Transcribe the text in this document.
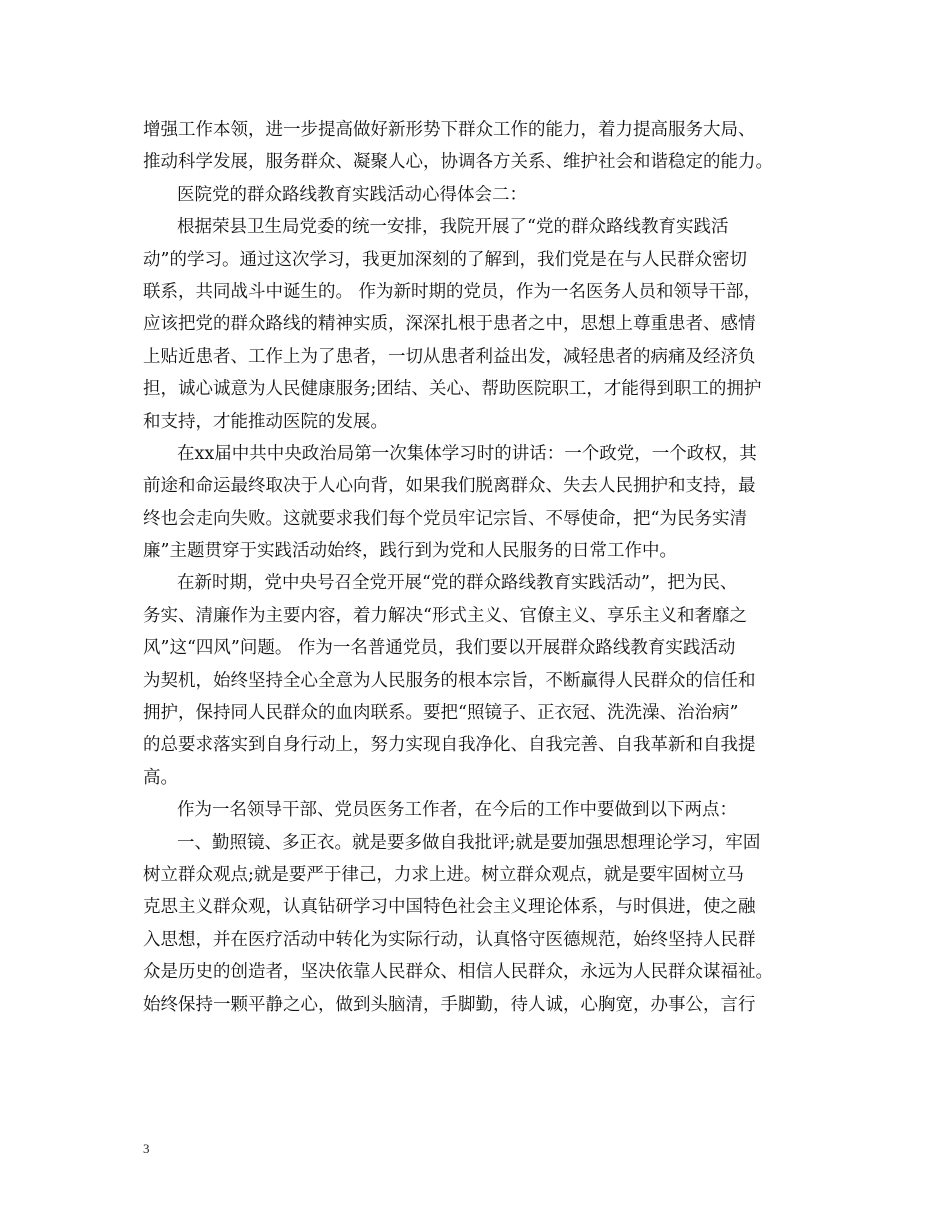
增强工作本领，进一步提高做好新形势下群众工作的能力，着力提高服务大局、
推动科学发展，服务群众、凝聚人心，协调各方关系、维护社会和谐稳定的能力。
医院党的群众路线教育实践活动心得体会二：
根据荣县卫生局党委的统一安排，我院开展了“党的群众路线教育实践活
动”的学习。通过这次学习，我更加深刻的了解到，我们党是在与人民群众密切
联系，共同战斗中诞生的。 作为新时期的党员，作为一名医务人员和领导干部，
应该把党的群众路线的精神实质，深深扎根于患者之中，思想上尊重患者、感情
上贴近患者、工作上为了患者，一切从患者利益出发，减轻患者的病痛及经济负
担，诚心诚意为人民健康服务;团结、关心、帮助医院职工，才能得到职工的拥护
和支持，才能推动医院的发展。
在xx届中共中央政治局第一次集体学习时的讲话：一个政党，一个政权，其
前途和命运最终取决于人心向背，如果我们脱离群众、失去人民拥护和支持，最
终也会走向失败。这就要求我们每个党员牢记宗旨、不辱使命，把“为民务实清
廉”主题贯穿于实践活动始终，践行到为党和人民服务的日常工作中。
在新时期，党中央号召全党开展“党的群众路线教育实践活动”，把为民、
务实、清廉作为主要内容，着力解决“形式主义、官僚主义、享乐主义和奢靡之
风”这“四风”问题。 作为一名普通党员，我们要以开展群众路线教育实践活动
为契机，始终坚持全心全意为人民服务的根本宗旨，不断赢得人民群众的信任和
拥护，保持同人民群众的血肉联系。要把“照镜子、正衣冠、洗洗澡、治治病”
的总要求落实到自身行动上，努力实现自我净化、自我完善、自我革新和自我提
高。
作为一名领导干部、党员医务工作者，在今后的工作中要做到以下两点：
一、勤照镜、多正衣。就是要多做自我批评;就是要加强思想理论学习，牢固
树立群众观点;就是要严于律己，力求上进。树立群众观点，就是要牢固树立马
克思主义群众观，认真钻研学习中国特色社会主义理论体系，与时俱进，使之融
入思想，并在医疗活动中转化为实际行动，认真恪守医德规范，始终坚持人民群
众是历史的创造者，坚决依靠人民群众、相信人民群众，永远为人民群众谋福祉。
始终保持一颗平静之心，做到头脑清，手脚勤，待人诚，心胸宽，办事公，言行
3
